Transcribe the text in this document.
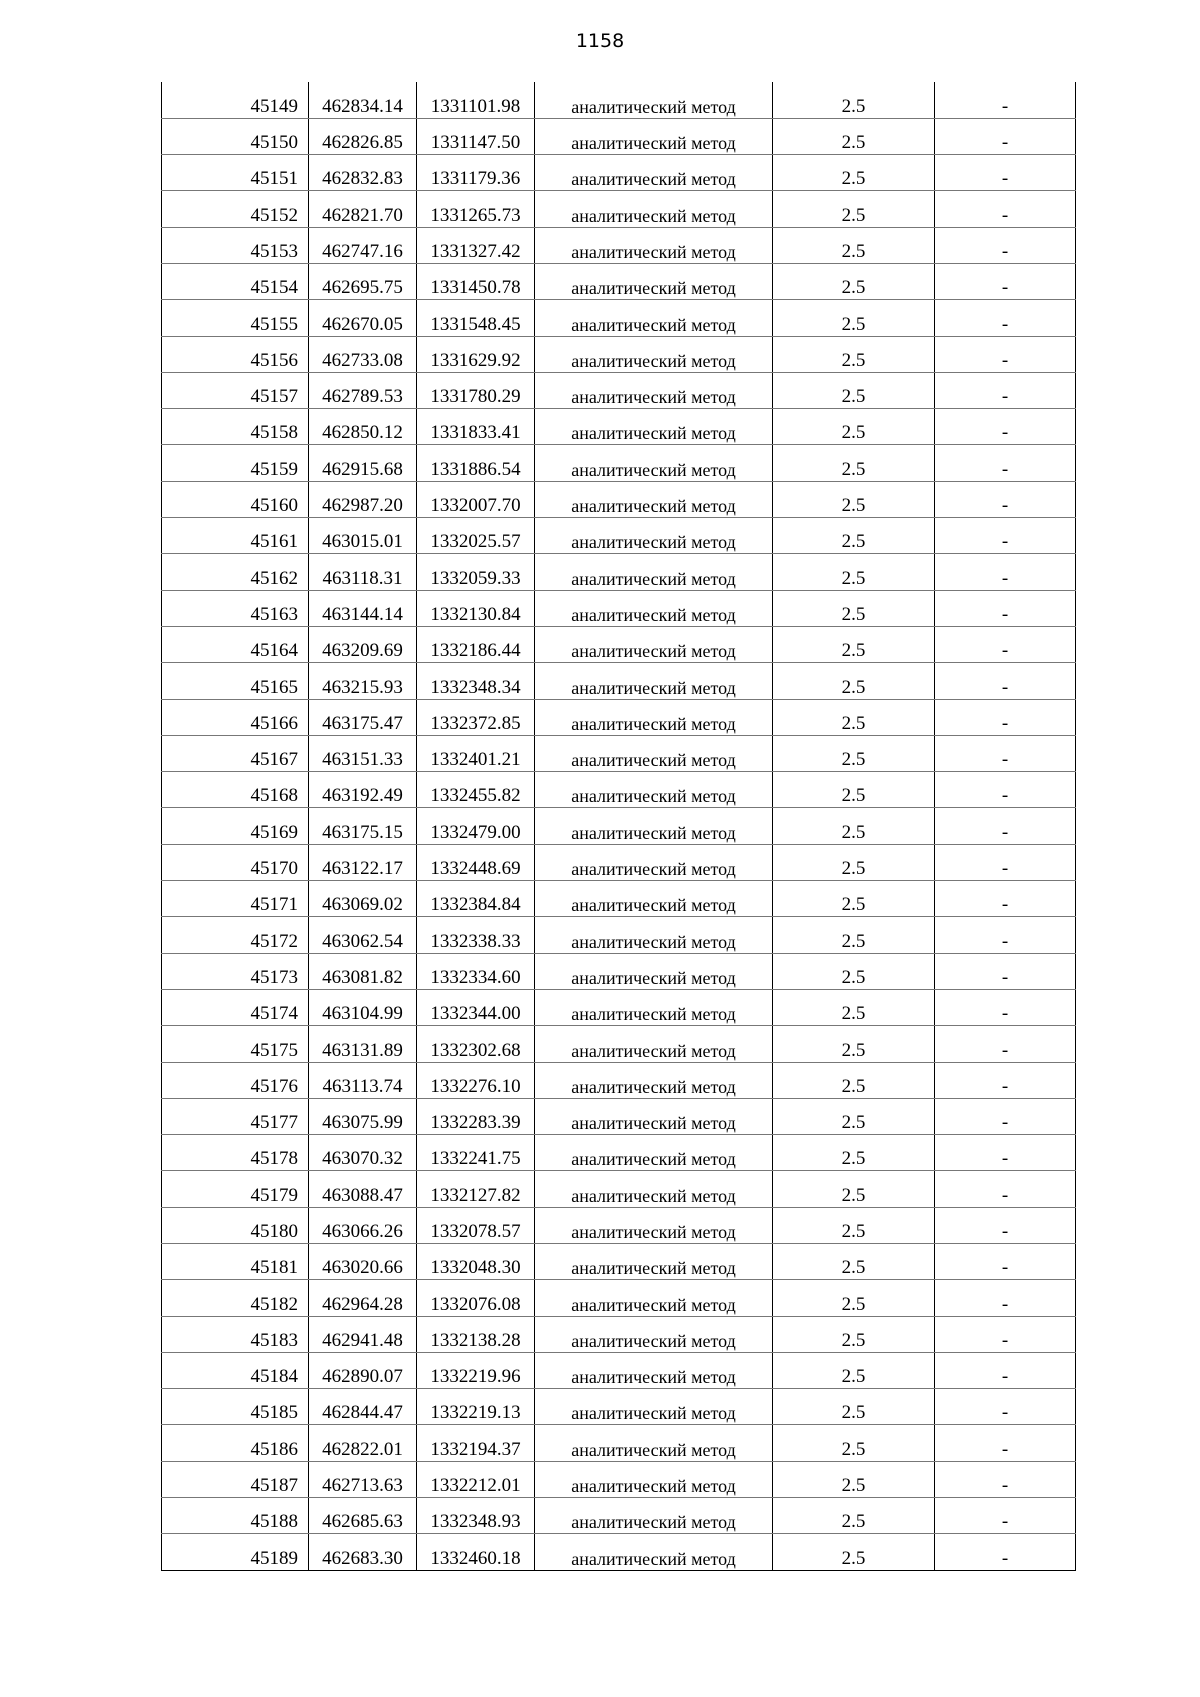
1158
45149	462834.14	1331101.98	аналитический метод	2.5	-
45150	462826.85	1331147.50	аналитический метод	2.5	-
45151	462832.83	1331179.36	аналитический метод	2.5	-
45152	462821.70	1331265.73	аналитический метод	2.5	-
45153	462747.16	1331327.42	аналитический метод	2.5	-
45154	462695.75	1331450.78	аналитический метод	2.5	-
45155	462670.05	1331548.45	аналитический метод	2.5	-
45156	462733.08	1331629.92	аналитический метод	2.5	-
45157	462789.53	1331780.29	аналитический метод	2.5	-
45158	462850.12	1331833.41	аналитический метод	2.5	-
45159	462915.68	1331886.54	аналитический метод	2.5	-
45160	462987.20	1332007.70	аналитический метод	2.5	-
45161	463015.01	1332025.57	аналитический метод	2.5	-
45162	463118.31	1332059.33	аналитический метод	2.5	-
45163	463144.14	1332130.84	аналитический метод	2.5	-
45164	463209.69	1332186.44	аналитический метод	2.5	-
45165	463215.93	1332348.34	аналитический метод	2.5	-
45166	463175.47	1332372.85	аналитический метод	2.5	-
45167	463151.33	1332401.21	аналитический метод	2.5	-
45168	463192.49	1332455.82	аналитический метод	2.5	-
45169	463175.15	1332479.00	аналитический метод	2.5	-
45170	463122.17	1332448.69	аналитический метод	2.5	-
45171	463069.02	1332384.84	аналитический метод	2.5	-
45172	463062.54	1332338.33	аналитический метод	2.5	-
45173	463081.82	1332334.60	аналитический метод	2.5	-
45174	463104.99	1332344.00	аналитический метод	2.5	-
45175	463131.89	1332302.68	аналитический метод	2.5	-
45176	463113.74	1332276.10	аналитический метод	2.5	-
45177	463075.99	1332283.39	аналитический метод	2.5	-
45178	463070.32	1332241.75	аналитический метод	2.5	-
45179	463088.47	1332127.82	аналитический метод	2.5	-
45180	463066.26	1332078.57	аналитический метод	2.5	-
45181	463020.66	1332048.30	аналитический метод	2.5	-
45182	462964.28	1332076.08	аналитический метод	2.5	-
45183	462941.48	1332138.28	аналитический метод	2.5	-
45184	462890.07	1332219.96	аналитический метод	2.5	-
45185	462844.47	1332219.13	аналитический метод	2.5	-
45186	462822.01	1332194.37	аналитический метод	2.5	-
45187	462713.63	1332212.01	аналитический метод	2.5	-
45188	462685.63	1332348.93	аналитический метод	2.5	-
45189	462683.30	1332460.18	аналитический метод	2.5	-
